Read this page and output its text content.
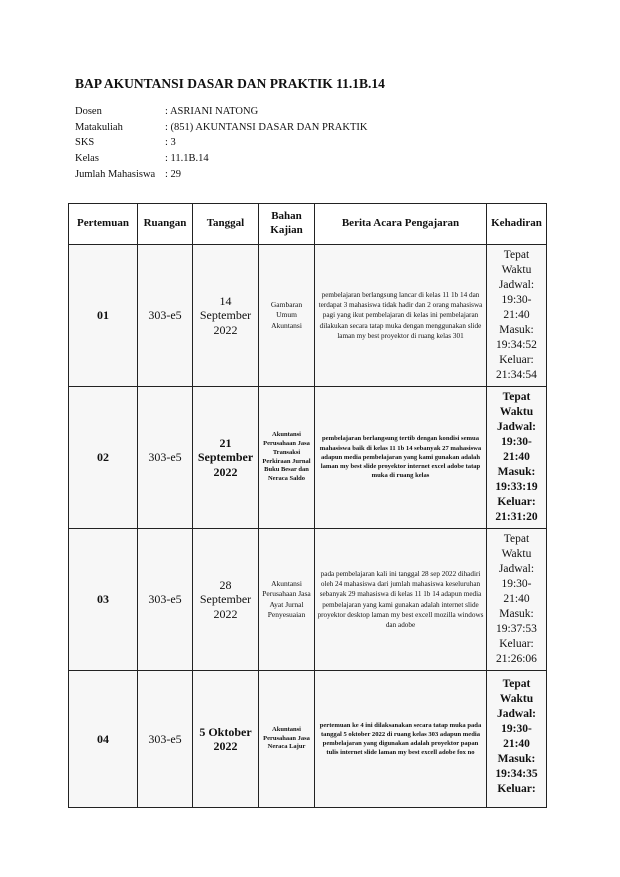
BAP AKUNTANSI DASAR DAN PRAKTIK 11.1B.14
Dosen	: ASRIANI NATONG
Matakuliah	: (851) AKUNTANSI DASAR DAN PRAKTIK
SKS	: 3
Kelas	: 11.1B.14
Jumlah Mahasiswa : 29
Pertemuan	Ruangan	Tanggal	Bahan Kajian	Berita Acara Pengajaran	Kehadiran
01	303-e5	14 September 2022	Gambaran Umum Akuntansi	pembelajaran berlangsung lancar di kelas 11 1b 14 dan terdapat 3 mahasiswa tidak hadir dan 2 orang mahasiswa pagi yang ikut pembelajaran di kelas ini pembelajaran dilakukan secara tatap muka dengan menggunakan slide laman my best proyektor di ruang kelas 301	Tepat Waktu Jadwal: 19:30-21:40 Masuk: 19:34:52 Keluar: 21:34:54
02	303-e5	21 September 2022	Akuntansi Perusahaan Jasa Transaksi Perkiraan Jurnal Buku Besar dan Neraca Saldo	pembelajaran berlangsung tertib dengan kondisi semua mahasiswa baik di kelas 11 1b 14 sebanyak 27 mahasiswa adapun media pembelajaran yang kami gunakan adalah laman my best slide proyektor internet excel adobe tatap muka di ruang kelas	Tepat Waktu Jadwal: 19:30-21:40 Masuk: 19:33:19 Keluar: 21:31:20
03	303-e5	28 September 2022	Akuntansi Perusahaan Jasa Ayat Jurnal Penyesuaian	pada pembelajaran kali ini tanggal 28 sep 2022 dihadiri oleh 24 mahasiswa dari jumlah mahasiswa keseluruhan sebanyak 29 mahasiswa di kelas 11 1b 14 adapun media pembelajaran yang kami gunakan adalah internet slide proyektor desktop laman my best excell mozilla windows dan adobe	Tepat Waktu Jadwal: 19:30-21:40 Masuk: 19:37:53 Keluar: 21:26:06
04	303-e5	5 Oktober 2022	Akuntansi Perusahaan Jasa Neraca Lajur	pertemuan ke 4 ini dilaksanakan secara tatap muka pada tanggal 5 oktober 2022 di ruang kelas 303 adapun media pembelajaran yang digunakan adalah proyektor papan tulis internet slide laman my best excell adobe fox no	Tepat Waktu Jadwal: 19:30-21:40 Masuk: 19:34:35 Keluar:
